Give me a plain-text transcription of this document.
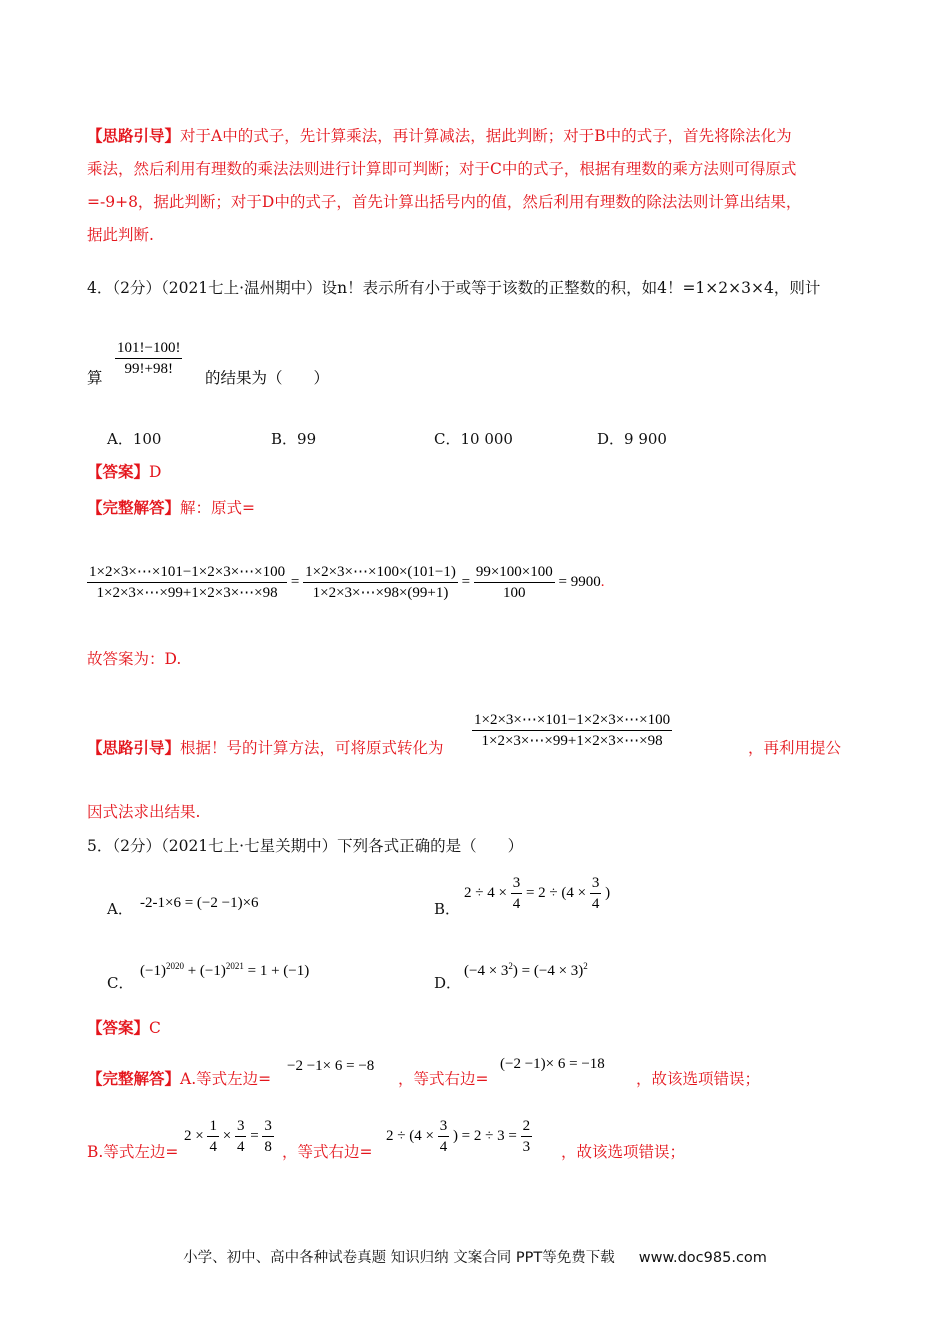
【思路引导】对于A中的式子，先计算乘法，再计算减法，据此判断；对于B中的式子，首先将除法化为
乘法，然后利用有理数的乘法法则进行计算即可判断；对于C中的式子，根据有理数的乘方法则可得原式
=-9+8，据此判断；对于D中的式子，首先计算出括号内的值，然后利用有理数的除法法则计算出结果，
据此判断.
4．（2分）（2021七上·温州期中）设n！表示所有小于或等于该数的正整数的积，如4！=1×2×3×4，则计
算 $\frac{101!-100!}{99!+98!}$ 的结果为（　　）
A．100	B．99	C．10 000	D．9 900
【答案】D
【完整解答】解：原式=
$\frac{1\times 2\times 3\times\cdots\times 101-1\times 2\times 3\times\cdots\times 100}{1\times 2\times 3\times\cdots\times 99+1\times 2\times 3\times\cdots\times 98} = \frac{1\times 2\times 3\times\cdots\times 100\times(101-1)}{1\times 2\times 3\times\cdots\times 98\times(99+1)} = \frac{99\times 100\times 100}{100} = 9900$.
故答案为：D.
【思路引导】根据！号的计算方法，可将原式转化为 $\frac{1\times 2\times 3\times\cdots\times 101-1\times 2\times 3\times\cdots\times 100}{1\times 2\times 3\times\cdots\times 99+1\times 2\times 3\times\cdots\times 98}$	，再利用提公
因式法求出结果.
5．（2分）（2021七上·七星关期中）下列各式正确的是（　　）
A． -2-1×6 = (−2 −1)×6	B．
$2 \div 4 \times \frac{3}{4} = 2 \div (4 \times \frac{3}{4}$ )
C．
$(-1)^{2020} + (-1)^{2021} = 1 + (-1)$
D．
$(-4 \times 3^2) = (-4 \times 3)^2$
【答案】C
【完整解答】A.等式左边=
−2 −1× 6 = −8
，等式右边=
(−2 −1)× 6 = −18
，故该选项错误；
B.等式左边=
$2 \times \frac{1}{4} \times \frac{3}{4} = \frac{3}{8}$ ，等式右边=
$2 \div (4 \times \frac{3}{4}$ ) = $2 \div 3 = \frac{2}{3}$ ，故该选项错误；
小学、初中、高中各种试卷真题 知识归纳 文案合同 PPT等免费下载 www.doc985.com
